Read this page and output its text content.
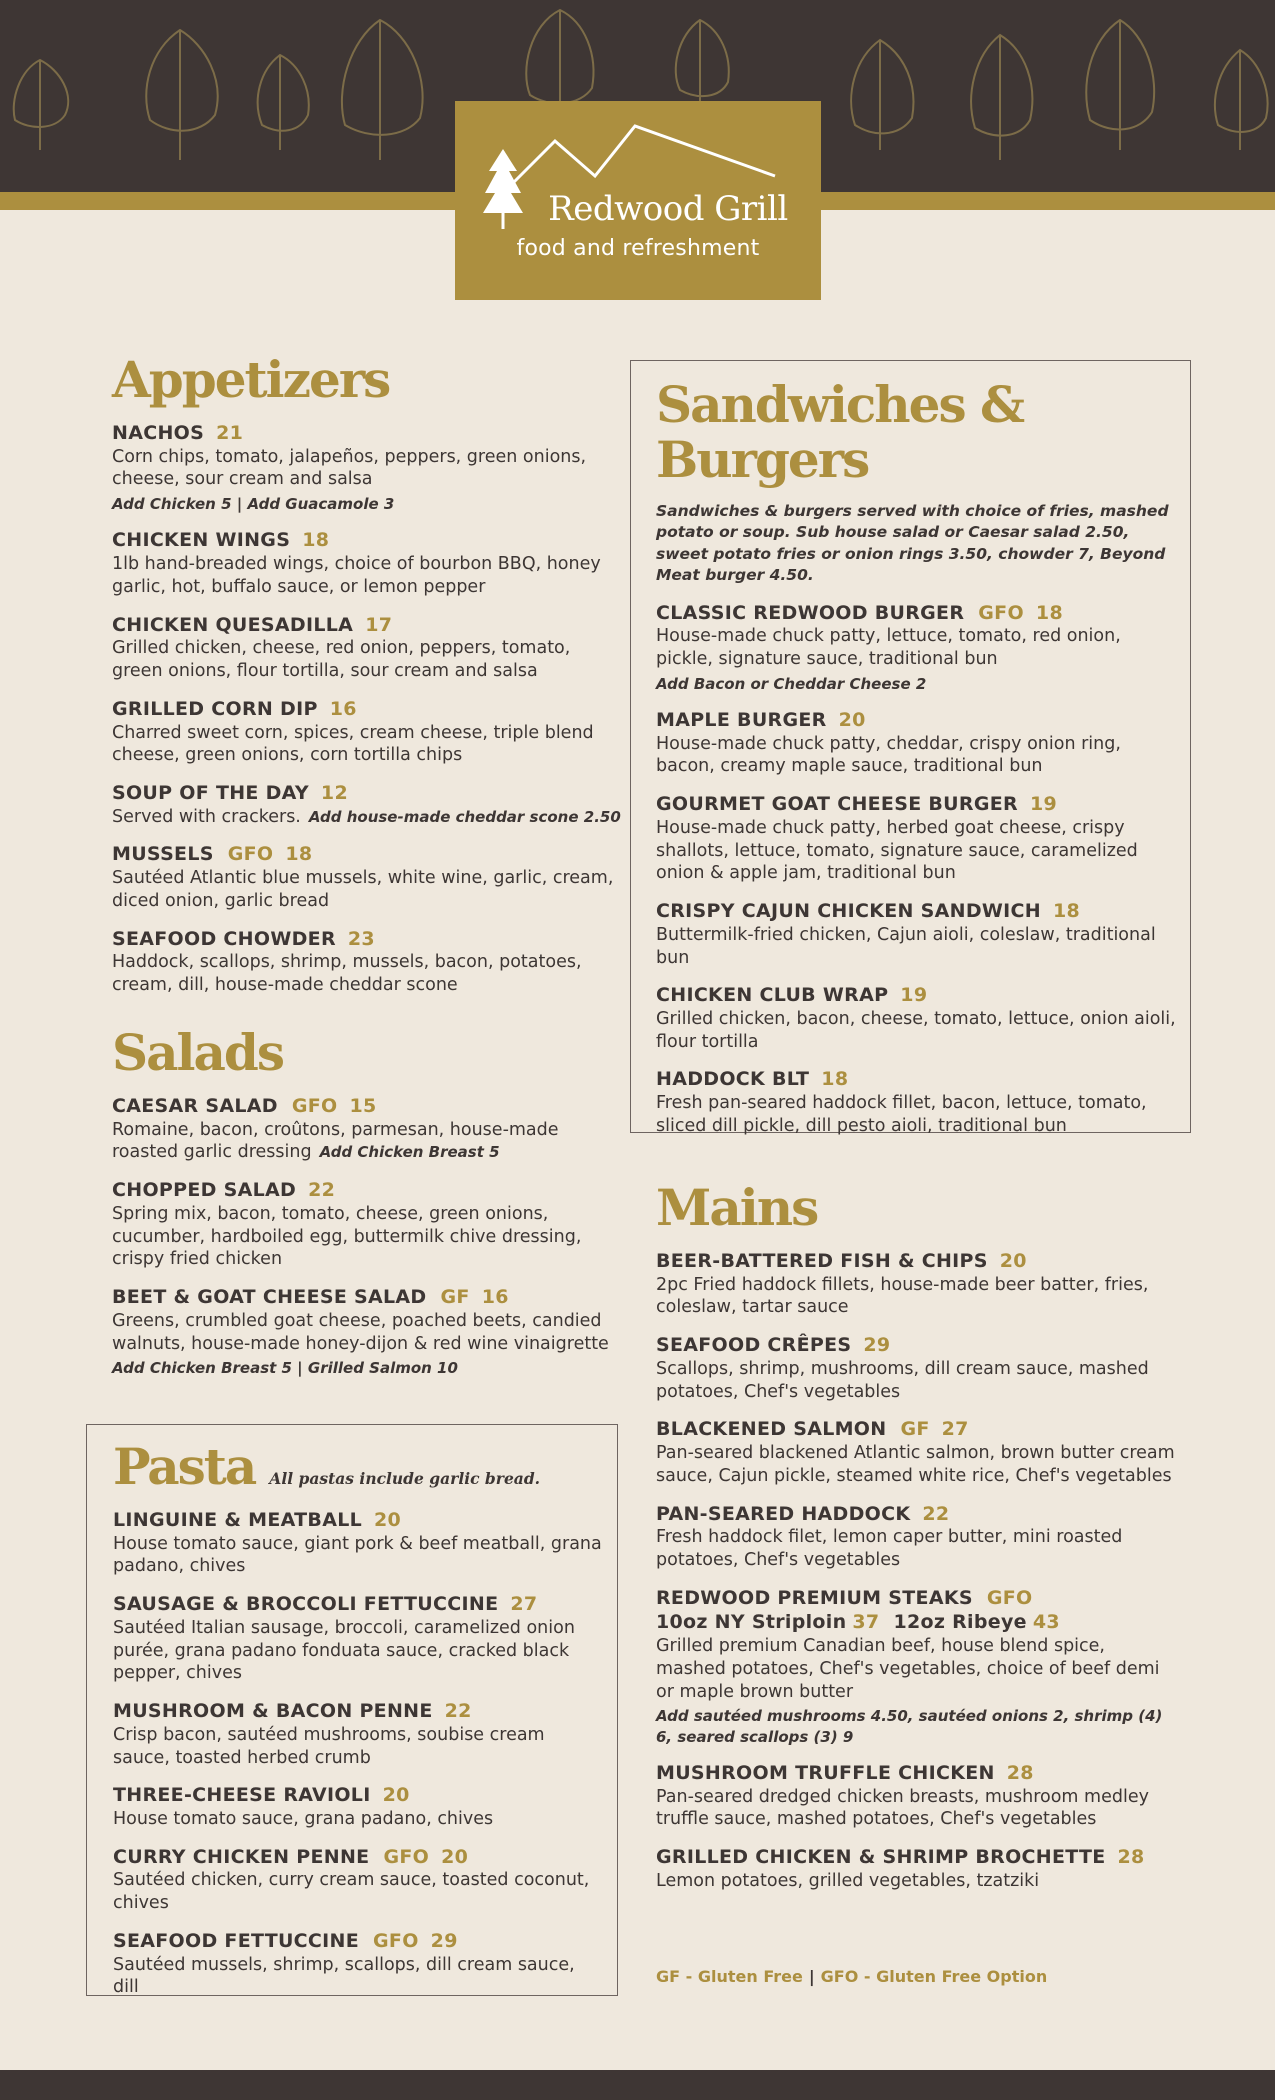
Redwood Grill
food and refreshment
Appetizers
NACHOS 21
Corn chips, tomato, jalapeños, peppers, green onions, cheese, sour cream and salsa
Add Chicken 5 | Add Guacamole 3
CHICKEN WINGS 18
1lb hand-breaded wings, choice of bourbon BBQ, honey garlic, hot, buffalo sauce, or lemon pepper
CHICKEN QUESADILLA 17
Grilled chicken, cheese, red onion, peppers, tomato, green onions, flour tortilla, sour cream and salsa
GRILLED CORN DIP 16
Charred sweet corn, spices, cream cheese, triple blend cheese, green onions, corn tortilla chips
SOUP OF THE DAY 12
Served with crackers. Add house-made cheddar scone 2.50
MUSSELS GFO 18
Sautéed Atlantic blue mussels, white wine, garlic, cream, diced onion, garlic bread
SEAFOOD CHOWDER 23
Haddock, scallops, shrimp, mussels, bacon, potatoes, cream, dill, house-made cheddar scone
Salads
CAESAR SALAD GFO 15
Romaine, bacon, croûtons, parmesan, house-made roasted garlic dressing Add Chicken Breast 5
CHOPPED SALAD 22
Spring mix, bacon, tomato, cheese, green onions, cucumber, hardboiled egg, buttermilk chive dressing, crispy fried chicken
BEET & GOAT CHEESE SALAD GF 16
Greens, crumbled goat cheese, poached beets, candied walnuts, house-made honey-dijon & red wine vinaigrette
Add Chicken Breast 5 | Grilled Salmon 10
Pasta All pastas include garlic bread.
LINGUINE & MEATBALL 20
House tomato sauce, giant pork & beef meatball, grana padano, chives
SAUSAGE & BROCCOLI FETTUCCINE 27
Sautéed Italian sausage, broccoli, caramelized onion purée, grana padano fonduata sauce, cracked black pepper, chives
MUSHROOM & BACON PENNE 22
Crisp bacon, sautéed mushrooms, soubise cream sauce, toasted herbed crumb
THREE-CHEESE RAVIOLI 20
House tomato sauce, grana padano, chives
CURRY CHICKEN PENNE GFO 20
Sautéed chicken, curry cream sauce, toasted coconut, chives
SEAFOOD FETTUCCINE GFO 29
Sautéed mussels, shrimp, scallops, dill cream sauce, dill
Sandwiches & Burgers
Sandwiches & burgers served with choice of fries, mashed potato or soup. Sub house salad or Caesar salad 2.50, sweet potato fries or onion rings 3.50, chowder 7, Beyond Meat burger 4.50.
CLASSIC REDWOOD BURGER GFO 18
House-made chuck patty, lettuce, tomato, red onion, pickle, signature sauce, traditional bun
Add Bacon or Cheddar Cheese 2
MAPLE BURGER 20
House-made chuck patty, cheddar, crispy onion ring, bacon, creamy maple sauce, traditional bun
GOURMET GOAT CHEESE BURGER 19
House-made chuck patty, herbed goat cheese, crispy shallots, lettuce, tomato, signature sauce, caramelized onion & apple jam, traditional bun
CRISPY CAJUN CHICKEN SANDWICH 18
Buttermilk-fried chicken, Cajun aioli, coleslaw, traditional bun
CHICKEN CLUB WRAP 19
Grilled chicken, bacon, cheese, tomato, lettuce, onion aioli, flour tortilla
HADDOCK BLT 18
Fresh pan-seared haddock fillet, bacon, lettuce, tomato, sliced dill pickle, dill pesto aioli, traditional bun
Mains
BEER-BATTERED FISH & CHIPS 20
2pc Fried haddock fillets, house-made beer batter, fries, coleslaw, tartar sauce
SEAFOOD CRÊPES 29
Scallops, shrimp, mushrooms, dill cream sauce, mashed potatoes, Chef's vegetables
BLACKENED SALMON GF 27
Pan-seared blackened Atlantic salmon, brown butter cream sauce, Cajun pickle, steamed white rice, Chef's vegetables
PAN-SEARED HADDOCK 22
Fresh haddock filet, lemon caper butter, mini roasted potatoes, Chef's vegetables
REDWOOD PREMIUM STEAKS GFO
10oz NY Striploin 37 12oz Ribeye 43
Grilled premium Canadian beef, house blend spice, mashed potatoes, Chef's vegetables, choice of beef demi or maple brown butter
Add sautéed mushrooms 4.50, sautéed onions 2, shrimp (4) 6, seared scallops (3) 9
MUSHROOM TRUFFLE CHICKEN 28
Pan-seared dredged chicken breasts, mushroom medley truffle sauce, mashed potatoes, Chef's vegetables
GRILLED CHICKEN & SHRIMP BROCHETTE 28
Lemon potatoes, grilled vegetables, tzatziki
GF - Gluten Free | GFO - Gluten Free Option
